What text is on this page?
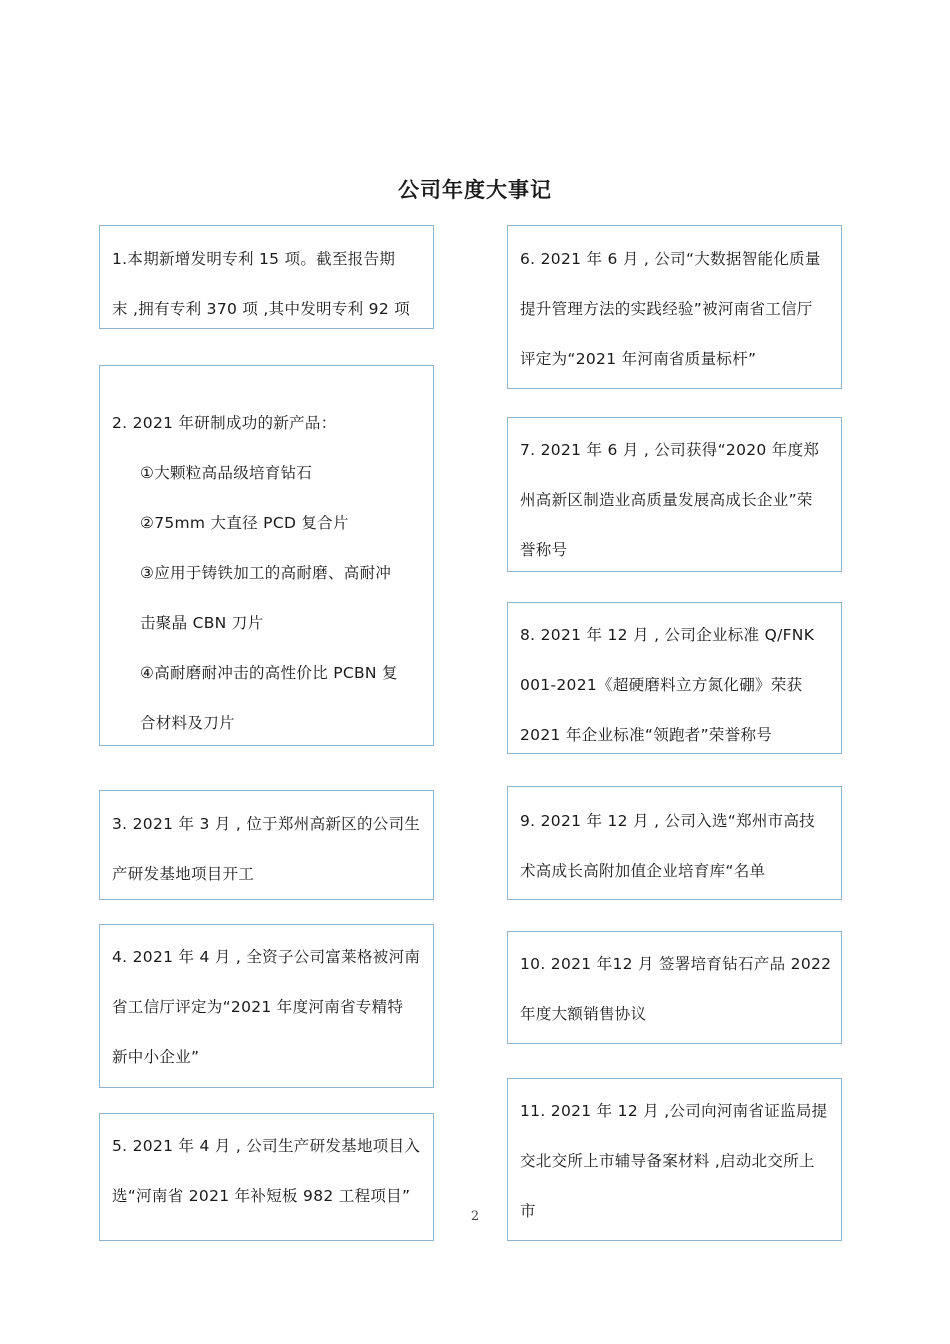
公司年度大事记

1.本期新增发明专利 15 项。截至报告期

末 ,拥有专利 370 项 ,其中发明专利 92 项

2. 2021 年研制成功的新产品：

①大颗粒高品级培育钻石

②75mm 大直径 PCD 复合片

③应用于铸铁加工的高耐磨、高耐冲

击聚晶 CBN 刀片

④高耐磨耐冲击的高性价比 PCBN 复

合材料及刀片

3. 2021 年 3 月 , 位于郑州高新区的公司生

产研发基地项目开工

4. 2021 年 4 月 , 全资子公司富莱格被河南

省工信厅评定为“2021 年度河南省专精特

新中小企业”

5. 2021 年 4 月 , 公司生产研发基地项目入

选“河南省 2021 年补短板 982 工程项目”

6. 2021 年 6 月 , 公司“大数据智能化质量

提升管理方法的实践经验”被河南省工信厅

评定为“2021 年河南省质量标杆”

7. 2021 年 6 月 , 公司获得“2020 年度郑

州高新区制造业高质量发展高成长企业”荣

誉称号

8. 2021 年 12 月 , 公司企业标准 Q/FNK

001-2021《超硬磨料立方氮化硼》荣获

2021 年企业标准“领跑者”荣誉称号

9. 2021 年 12 月 , 公司入选“郑州市高技

术高成长高附加值企业培育库“名单

10. 2021 年12 月 签署培育钻石产品 2022

年度大额销售协议

11. 2021 年 12 月 ,公司向河南省证监局提

交北交所上市辅导备案材料 ,启动北交所上

市

2
